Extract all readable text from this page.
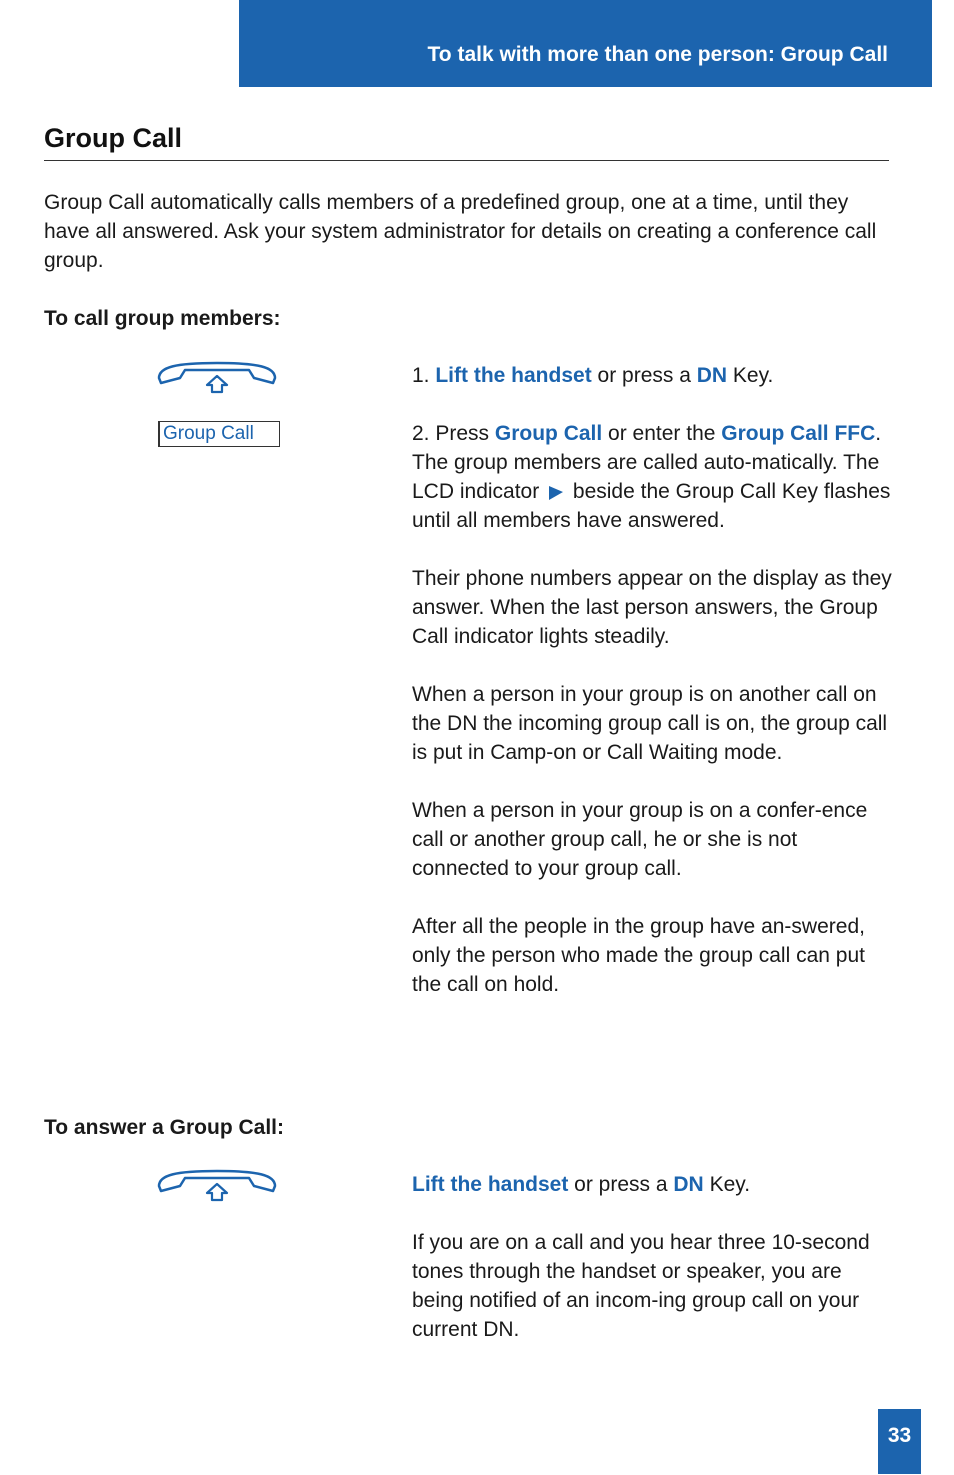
To talk with more than one person: Group Call
Group Call

Group Call automatically calls members of a predefined group, one at a time, until they have all answered. Ask your system administrator for details on creating a conference call group.

To call group members:

Group Call

1. Lift the handset or press a DN Key.

2. Press Group Call or enter the Group Call FFC. The group members are called auto-matically. The LCD indicator  beside the Group Call Key flashes until all members have answered.

Their phone numbers appear on the display as they answer. When the last person answers, the Group Call indicator lights steadily.

When a person in your group is on another call on the DN the incoming group call is on, the group call is put in Camp-on or Call Waiting mode.

When a person in your group is on a confer-ence call or another group call, he or she is not connected to your group call.

After all the people in the group have an-swered, only the person who made the group call can put the call on hold.

To answer a Group Call:

Lift the handset or press a DN Key.

If you are on a call and you hear three 10-second tones through the handset or speaker, you are being notified of an incom-ing group call on your current DN.

33
